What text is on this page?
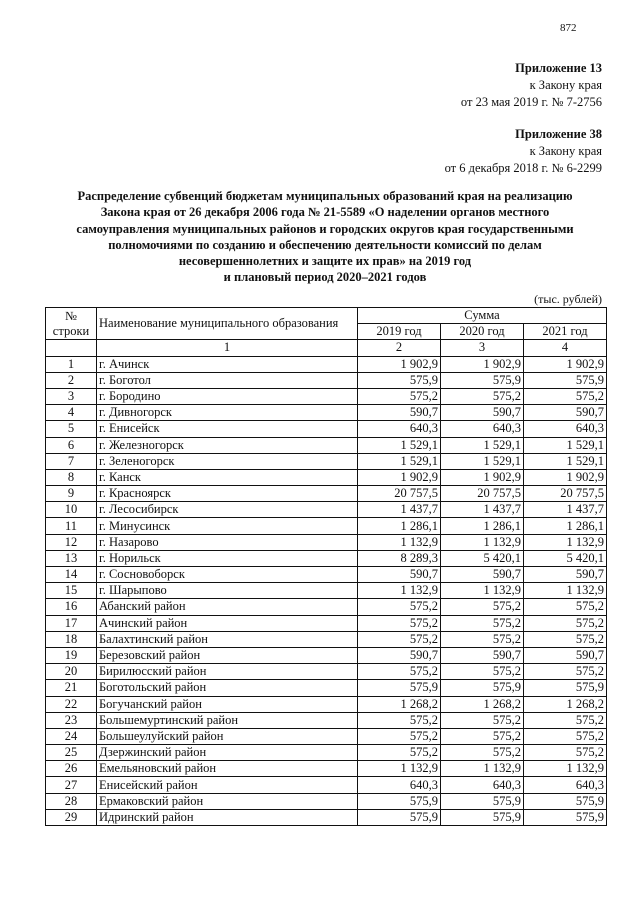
872
Приложение 13
к Закону края
от 23 мая 2019 г. № 7-2756
Приложение 38
к Закону края
от 6 декабря 2018 г. № 6-2299
Распределение субвенций бюджетам муниципальных образований края на реализацию
Закона края от 26 декабря 2006 года № 21-5589 «О наделении органов местного
самоуправления муниципальных районов и городских округов края государственными
полномочиями по созданию и обеспечению деятельности комиссий по делам
несовершеннолетних и защите их прав» на 2019 год
и плановый период 2020–2021 годов
(тыс. рублей)
№ строки	Наименование муниципального образования	Сумма		
		2019 год	2020 год	2021 год
	1	2	3	4
1	г. Ачинск	1 902,9	1 902,9	1 902,9
2	г. Боготол	575,9	575,9	575,9
3	г. Бородино	575,2	575,2	575,2
4	г. Дивногорск	590,7	590,7	590,7
5	г. Енисейск	640,3	640,3	640,3
6	г. Железногорск	1 529,1	1 529,1	1 529,1
7	г. Зеленогорск	1 529,1	1 529,1	1 529,1
8	г. Канск	1 902,9	1 902,9	1 902,9
9	г. Красноярск	20 757,5	20 757,5	20 757,5
10	г. Лесосибирск	1 437,7	1 437,7	1 437,7
11	г. Минусинск	1 286,1	1 286,1	1 286,1
12	г. Назарово	1 132,9	1 132,9	1 132,9
13	г. Норильск	8 289,3	5 420,1	5 420,1
14	г. Сосновоборск	590,7	590,7	590,7
15	г. Шарыпово	1 132,9	1 132,9	1 132,9
16	Абанский район	575,2	575,2	575,2
17	Ачинский район	575,2	575,2	575,2
18	Балахтинский район	575,2	575,2	575,2
19	Березовский район	590,7	590,7	590,7
20	Бирилюсский район	575,2	575,2	575,2
21	Боготольский район	575,9	575,9	575,9
22	Богучанский район	1 268,2	1 268,2	1 268,2
23	Большемуртинский район	575,2	575,2	575,2
24	Большеулуйский район	575,2	575,2	575,2
25	Дзержинский район	575,2	575,2	575,2
26	Емельяновский район	1 132,9	1 132,9	1 132,9
27	Енисейский район	640,3	640,3	640,3
28	Ермаковский район	575,9	575,9	575,9
29	Идринский район	575,9	575,9	575,9
